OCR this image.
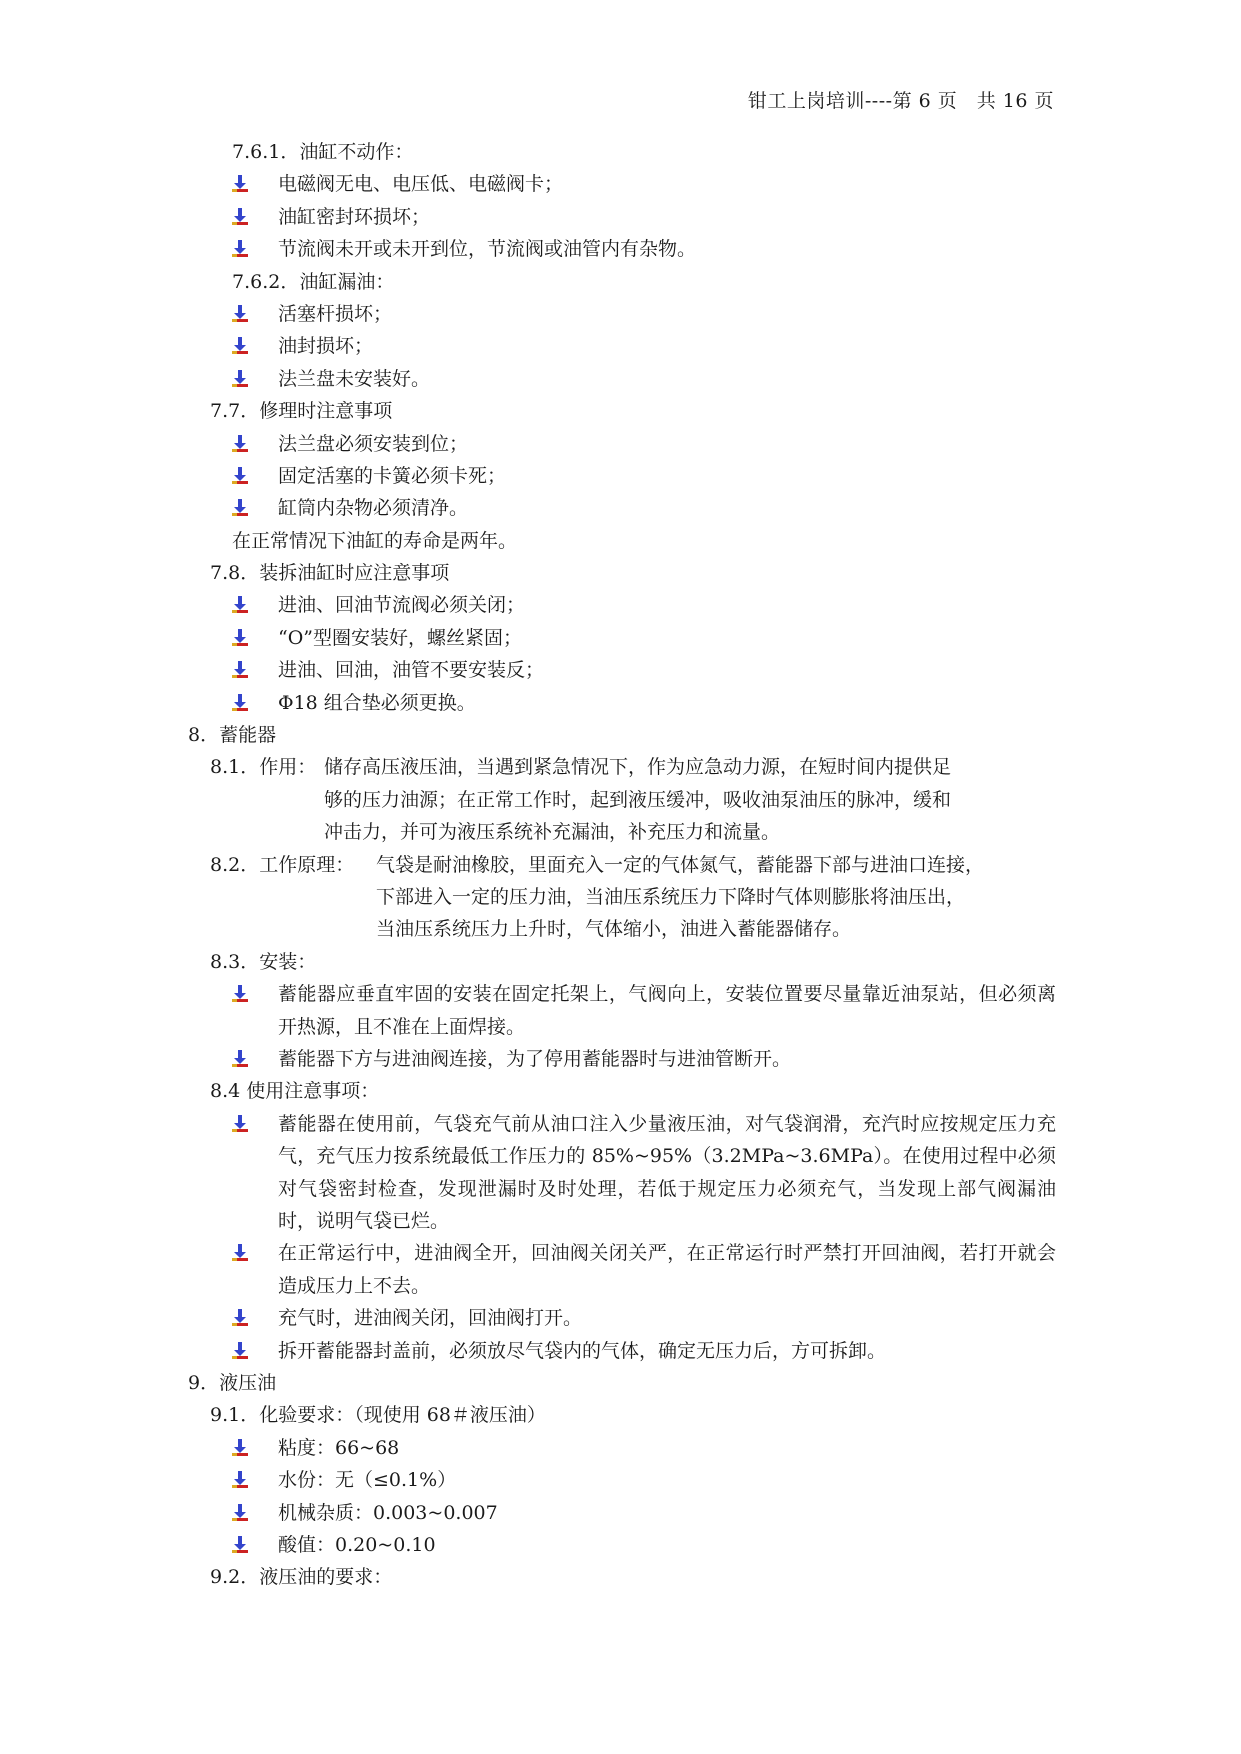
钳工上岗培训----第 6 页　共 16 页
7.6.1．油缸不动作：
电磁阀无电、电压低、电磁阀卡；
油缸密封环损坏；
节流阀未开或未开到位，节流阀或油管内有杂物。
7.6.2．油缸漏油：
活塞杆损坏；
油封损坏；
法兰盘未安装好。
7.7．修理时注意事项
法兰盘必须安装到位；
固定活塞的卡簧必须卡死；
缸筒内杂物必须清净。
在正常情况下油缸的寿命是两年。
7.8．装拆油缸时应注意事项
进油、回油节流阀必须关闭；
“O”型圈安装好，螺丝紧固；
进油、回油，油管不要安装反；
Φ18 组合垫必须更换。
8．蓄能器
8.1．作用： 储存高压液压油，当遇到紧急情况下，作为应急动力源，在短时间内提供足
够的压力油源；在正常工作时，起到液压缓冲，吸收油泵油压的脉冲，缓和
冲击力，并可为液压系统补充漏油，补充压力和流量。
8.2．工作原理： 气袋是耐油橡胶，里面充入一定的气体氮气，蓄能器下部与进油口连接，
下部进入一定的压力油，当油压系统压力下降时气体则膨胀将油压出，
当油压系统压力上升时，气体缩小，油进入蓄能器储存。
8.3．安装：
蓄能器应垂直牢固的安装在固定托架上，气阀向上，安装位置要尽量靠近油泵站，但必须离开热源，且不准在上面焊接。
蓄能器下方与进油阀连接，为了停用蓄能器时与进油管断开。
8.4 使用注意事项：
蓄能器在使用前，气袋充气前从油口注入少量液压油，对气袋润滑，充汽时应按规定压力充气，充气压力按系统最低工作压力的 85%~95%（3.2MPa~3.6MPa）。在使用过程中必须对气袋密封检查，发现泄漏时及时处理，若低于规定压力必须充气，当发现上部气阀漏油时，说明气袋已烂。
在正常运行中，进油阀全开，回油阀关闭关严，在正常运行时严禁打开回油阀，若打开就会造成压力上不去。
充气时，进油阀关闭，回油阀打开。
拆开蓄能器封盖前，必须放尽气袋内的气体，确定无压力后，方可拆卸。
9．液压油
9.1．化验要求：（现使用 68＃液压油）
粘度：66~68
水份：无（≤0.1%）
机械杂质：0.003~0.007
酸值：0.20~0.10
9.2．液压油的要求：
